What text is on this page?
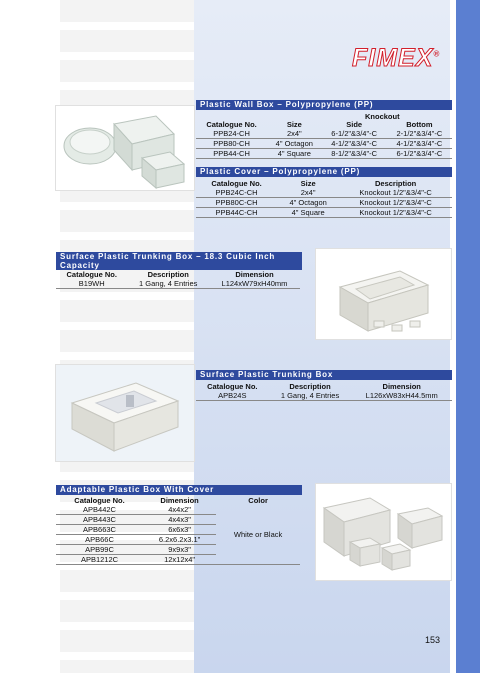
FIMEX®
Plastic Wall Box – Polypropylene (PP)
Knockout
Catalogue No.	Size	Side	Bottom
PPB24-CH	2x4"	6-1/2"&3/4"-C	2-1/2"&3/4"-C
PPB80-CH	4" Octagon	4-1/2"&3/4"-C	4-1/2"&3/4"-C
PPB44-CH	4" Square	8-1/2"&3/4"-C	6-1/2"&3/4"-C
Plastic Cover – Polypropylene (PP)
Catalogue No.	Size	Description
PPB24C-CH	2x4"	Knockout 1/2"&3/4"-C
PPB80C-CH	4" Octagon	Knockout 1/2"&3/4"-C
PPB44C-CH	4" Square	Knockout 1/2"&3/4"-C
Surface Plastic Trunking Box – 18.3 Cubic Inch Capacity
Catalogue No.	Description	Dimension
B19WH	1 Gang, 4 Entries	L124xW79xH40mm
Surface Plastic Trunking Box
Catalogue No.	Description	Dimension
APB24S	1 Gang, 4 Entries	L126xW83xH44.5mm
Adaptable Plastic Box With Cover
Catalogue No.	Dimension	Color
APB442C	4x4x2"	White or Black
APB443C	4x4x3"	
APB663C	6x6x3"	
APB66C	6.2x6.2x3.1"	
APB99C	9x9x3"	
APB1212C	12x12x4"	
153
